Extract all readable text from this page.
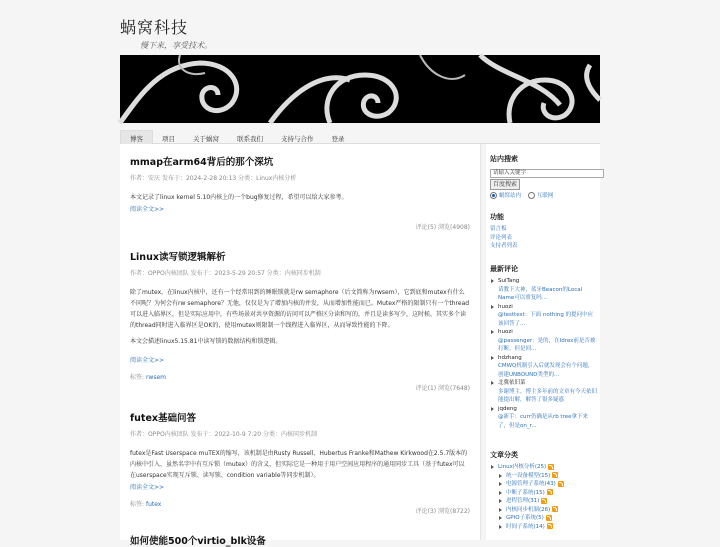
蜗窝科技
慢下来，享受技术。
博客	项目	关于蜗窝	联系我们	支持与合作	登录
mmap在arm64背后的那个深坑
作者：安庆 发布于：2024-2-28 20:13 分类：Linux内核分析
本文记录了linux kernel 5.10内核上的一个bug修复过程，希望可以给大家参考。
阅读全文>>
评论(5) 浏览(4908)
Linux读写锁逻辑解析
作者：OPPO内核团队 发布于：2023-5-29 20:57 分类：内核同步机制
除了mutex，在linux内核中，还有一个经常用到的睡眠锁就是rw semaphore（后文简称为rwsem），它到底和mutex有什么不同呢？为何会有rw semaphore？无他，仅仅是为了增加内核的并发，从而增加性能而已。Mutex严格的限制只有一个thread可以进入临界区，但是实际应用中，有些场景对共享资源的访问可以严格区分读和写的，并且是读多写少，这时候，其实多个读的thread同时进入临界区是OK的，使用mutex则限制一个线程进入临界区，从而导致性能的下降。
本文会描述linux5.15.81中读写锁的数据结构和锁逻辑。
阅读全文>>
标签: rwsem
评论(1) 浏览(7648)
futex基础问答
作者：OPPO内核团队 发布于：2022-10-9 7:20 分类：内核同步机制
futex是Fast Userspace muTEX的缩写，该机制是由Rusty Russell、Hubertus Franke和Mathew Kirkwood在2.5.7版本的内核中引入，虽然名字中有互斥锁（mutex）的含义，但实际它是一种用于用户空间应用程序的通用同步工具（基于futex可以在userspace实现互斥锁、读写锁、condition variable等同步机制）。
阅读全文>>
标签: futex
评论(3) 浏览(8722)
如何使能500个virtio_blk设备
站内搜索
请输入关键字
百度搜索
蜗窝站内	互联网
功能
留言板
评论列表
支持者列表
最新评论
SuiTang
请教下大神，蓝牙Beacon的Local Name可以重复吗...
huozi
@testtest：下面 nothing 的提问中应该回答了...
huozi
@passenger：是的，在Idrex前是否被打断，但是回...
hdzhang
CMWQ机制引入后就发现会有个问题，创建UNBOUND类型的...
北冀依旧菜
多谢博主，博主多年前的文章有今天依旧能提出解，解答了很多疑惑
jqdeng
@新手：curr仍确是从rb tree拿下来了，但是on_r...
文章分类
Linux内核分析(25)
统一设备模型(15)
电源管理子系统(43)
中断子系统(15)
进程管理(31)
内核同步机制(26)
GPIO子系统(5)
时间子系统(14)
